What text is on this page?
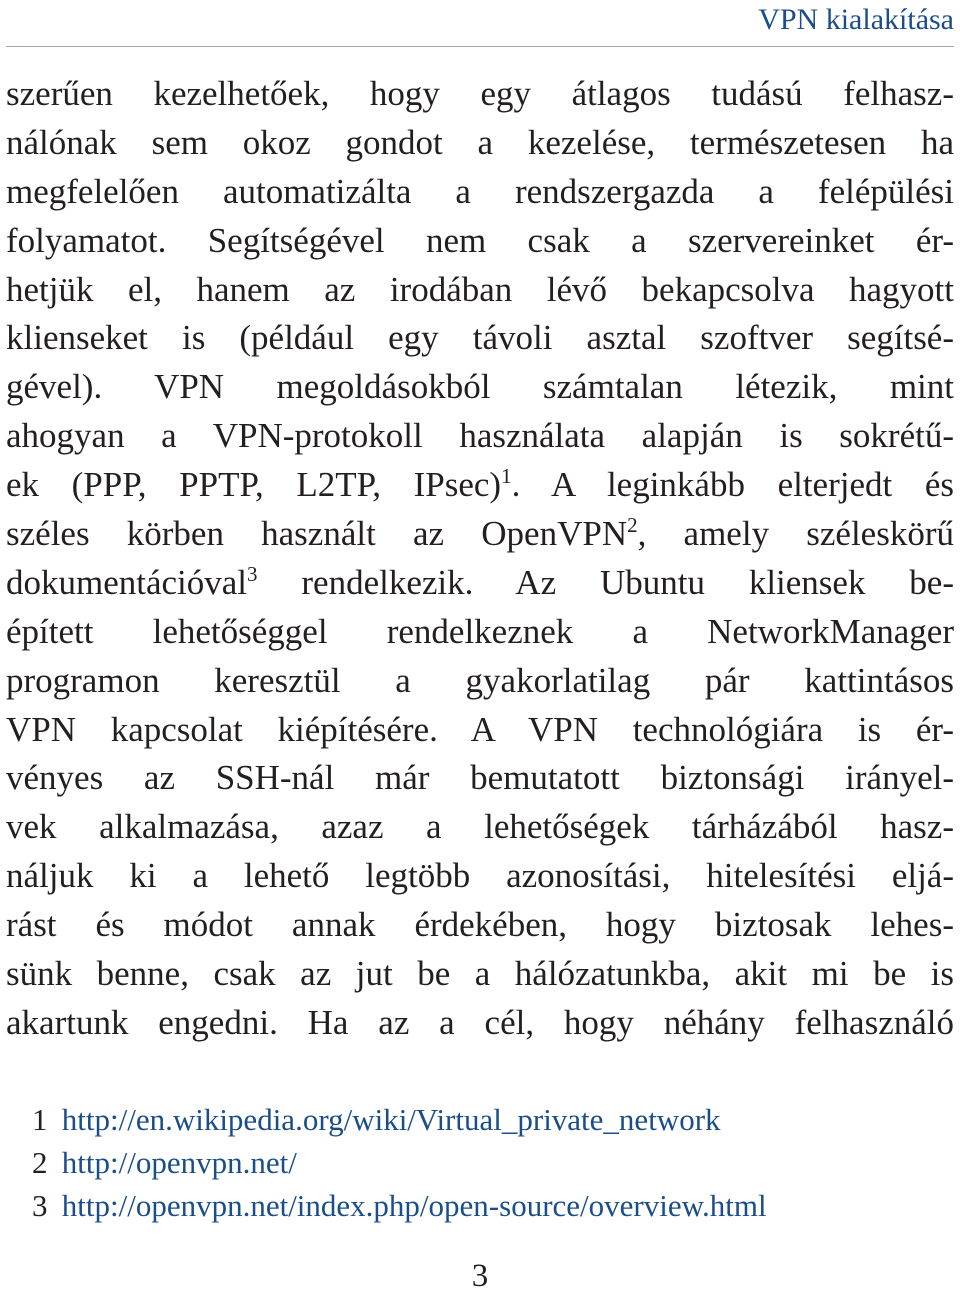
VPN kialakítása
szerűen kezelhetőek, hogy egy átlagos tudású felhasz-
nálónak sem okoz gondot a kezelése, természetesen ha
megfelelően automatizálta a rendszergazda a felépülési
folyamatot. Segítségével nem csak a szervereinket ér-
hetjük el, hanem az irodában lévő bekapcsolva hagyott
klienseket is (például egy távoli asztal szoftver segítsé-
gével). VPN megoldásokból számtalan létezik, mint
ahogyan a VPN-protokoll használata alapján is sokrétű-
ek (PPP, PPTP, L2TP, IPsec)$^1$. A leginkább elterjedt és
széles körben használt az OpenVPN$^2$, amely széleskörű
dokumentációval$^3$ rendelkezik. Az Ubuntu kliensek be-
épített lehetőséggel rendelkeznek a NetworkManager
programon keresztül a gyakorlatilag pár kattintásos
VPN kapcsolat kiépítésére. A VPN technológiára is ér-
vényes az SSH-nál már bemutatott biztonsági irányel-
vek alkalmazása, azaz a lehetőségek tárházából hasz-
náljuk ki a lehető legtöbb azonosítási, hitelesítési eljá-
rást és módot annak érdekében, hogy biztosak lehes-
sünk benne, csak az jut be a hálózatunkba, akit mi be is
akartunk engedni. Ha az a cél, hogy néhány felhasználó
1 http://en.wikipedia.org/wiki/Virtual_private_network
2 http://openvpn.net/
3 http://openvpn.net/index.php/open-source/overview.html
3
